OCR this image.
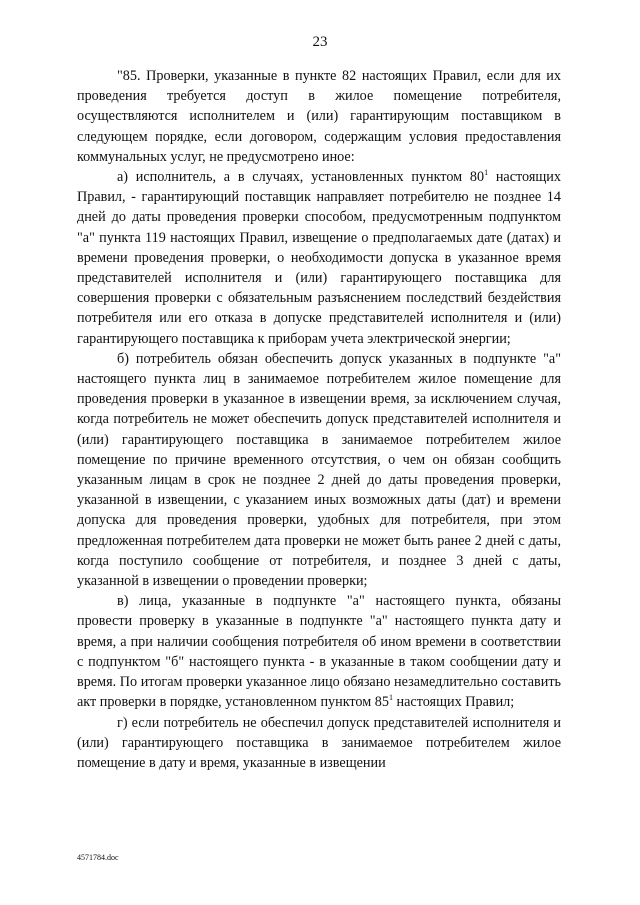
23

"85. Проверки, указанные в пункте 82 настоящих Правил, если для их проведения требуется доступ в жилое помещение потребителя, осуществляются исполнителем и (или) гарантирующим поставщиком в следующем порядке, если договором, содержащим условия предоставления коммунальных услуг, не предусмотрено иное:

а) исполнитель, а в случаях, установленных пунктом $80^1$ настоящих Правил, - гарантирующий поставщик направляет потребителю не позднее 14 дней до даты проведения проверки способом, предусмотренным подпунктом "а" пункта 119 настоящих Правил, извещение о предполагаемых дате (датах) и времени проведения проверки, о необходимости допуска в указанное время представителей исполнителя и (или) гарантирующего поставщика для совершения проверки с обязательным разъяснением последствий бездействия потребителя или его отказа в допуске представителей исполнителя и (или) гарантирующего поставщика к приборам учета электрической энергии;

б) потребитель обязан обеспечить допуск указанных в подпункте "а" настоящего пункта лиц в занимаемое потребителем жилое помещение для проведения проверки в указанное в извещении время, за исключением случая, когда потребитель не может обеспечить допуск представителей исполнителя и (или) гарантирующего поставщика в занимаемое потребителем жилое помещение по причине временного отсутствия, о чем он обязан сообщить указанным лицам в срок не позднее 2 дней до даты проведения проверки, указанной в извещении, с указанием иных возможных даты (дат) и времени допуска для проведения проверки, удобных для потребителя, при этом предложенная потребителем дата проверки не может быть ранее 2 дней с даты, когда поступило сообщение от потребителя, и позднее 3 дней с даты, указанной в извещении о проведении проверки;

в) лица, указанные в подпункте "а" настоящего пункта, обязаны провести проверку в указанные в подпункте "а" настоящего пункта дату и время, а при наличии сообщения потребителя об ином времени в соответствии с подпунктом "б" настоящего пункта - в указанные в таком сообщении дату и время. По итогам проверки указанное лицо обязано незамедлительно составить акт проверки в порядке, установленном пунктом $85^1$ настоящих Правил;

г) если потребитель не обеспечил допуск представителей исполнителя и (или) гарантирующего поставщика в занимаемое потребителем жилое помещение в дату и время, указанные в извещении

4571784.doc
